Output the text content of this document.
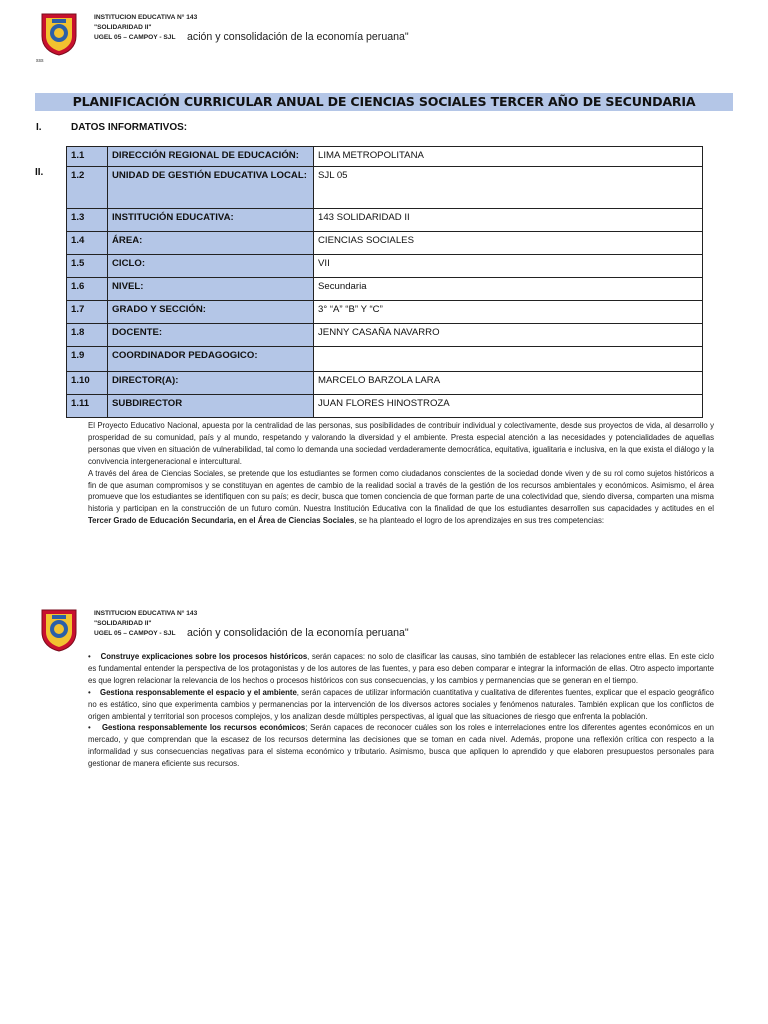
INSTITUCION EDUCATIVA N° 143
"SOLIDARIDAD II"
UGEL 05 – CAMPOY - SJL	ación y consolidación de la economía peruana"
sss
PLANIFICACIÓN CURRICULAR ANUAL DE CIENCIAS SOCIALES TERCER AÑO DE SECUNDARIA
I.	DATOS INFORMATIVOS:
II.
1.1	DIRECCIÓN REGIONAL DE EDUCACIÓN:	LIMA METROPOLITANA
1.2	UNIDAD DE GESTIÓN EDUCATIVA LOCAL:	SJL 05
1.3	INSTITUCIÓN EDUCATIVA:	143 SOLIDARIDAD II
1.4	ÁREA:	CIENCIAS SOCIALES
1.5	CICLO:	VII
1.6	NIVEL:	Secundaria
1.7	GRADO Y SECCIÓN:	3° “A” “B” Y “C”
1.8	DOCENTE:	JENNY CASAÑA NAVARRO
1.9	COORDINADOR PEDAGOGICO:	
1.10	DIRECTOR(A):	MARCELO BARZOLA LARA
1.11	SUBDIRECTOR	JUAN FLORES HINOSTROZA

El Proyecto Educativo Nacional, apuesta por la centralidad de las personas, sus posibilidades de contribuir individual y colectivamente, desde sus proyectos de vida, al desarrollo y prosperidad de su comunidad, país y al mundo, respetando y valorando la diversidad y el ambiente. Presta especial atención a las necesidades y potencialidades de aquellas personas que viven en situación de vulnerabilidad, tal como lo demanda una sociedad verdaderamente democrática, equitativa, igualitaria e inclusiva, en la que exista el diálogo y la convivencia intergeneracional e intercultural.

A través del área de Ciencias Sociales, se pretende que los estudiantes se formen como ciudadanos conscientes de la sociedad donde viven y de su rol como sujetos históricos a fin de que asuman compromisos y se constituyan en agentes de cambio de la realidad social a través de la gestión de los recursos ambientales y económicos. Asimismo, el área promueve que los estudiantes se identifiquen con su país; es decir, busca que tomen conciencia de que forman parte de una colectividad que, siendo diversa, comparten una misma historia y participan en la construcción de un futuro común. Nuestra Institución Educativa con la finalidad de que los estudiantes desarrollen sus capacidades y actitudes en el Tercer Grado de Educación Secundaria, en el Área de Ciencias Sociales, se ha planteado el logro de los aprendizajes en sus tres competencias:

INSTITUCION EDUCATIVA N° 143
"SOLIDARIDAD II"
UGEL 05 – CAMPOY - SJL	ación y consolidación de la economía peruana"

• Construye explicaciones sobre los procesos históricos, serán capaces: no solo de clasificar las causas, sino también de establecer las relaciones entre ellas. En este ciclo es fundamental entender la perspectiva de los protagonistas y de los autores de las fuentes, y para eso deben comparar e integrar la información de ellas. Otro aspecto importante es que logren relacionar la relevancia de los hechos o procesos históricos con sus consecuencias, y los cambios y permanencias que se generan en el tiempo.

• Gestiona responsablemente el espacio y el ambiente, serán capaces de utilizar información cuantitativa y cualitativa de diferentes fuentes, explicar que el espacio geográfico no es estático, sino que experimenta cambios y permanencias por la intervención de los diversos actores sociales y fenómenos naturales. También explican que los conflictos de origen ambiental y territorial son procesos complejos, y los analizan desde múltiples perspectivas, al igual que las situaciones de riesgo que enfrenta la población.

• Gestiona responsablemente los recursos económicos; Serán capaces de reconocer cuáles son los roles e interrelaciones entre los diferentes agentes económicos en un mercado, y que comprendan que la escasez de los recursos determina las decisiones que se toman en cada nivel. Además, propone una reflexión crítica con respecto a la informalidad y sus consecuencias negativas para el sistema económico y tributario. Asimismo, busca que apliquen lo aprendido y que elaboren presupuestos personales para gestionar de manera eficiente sus recursos.
